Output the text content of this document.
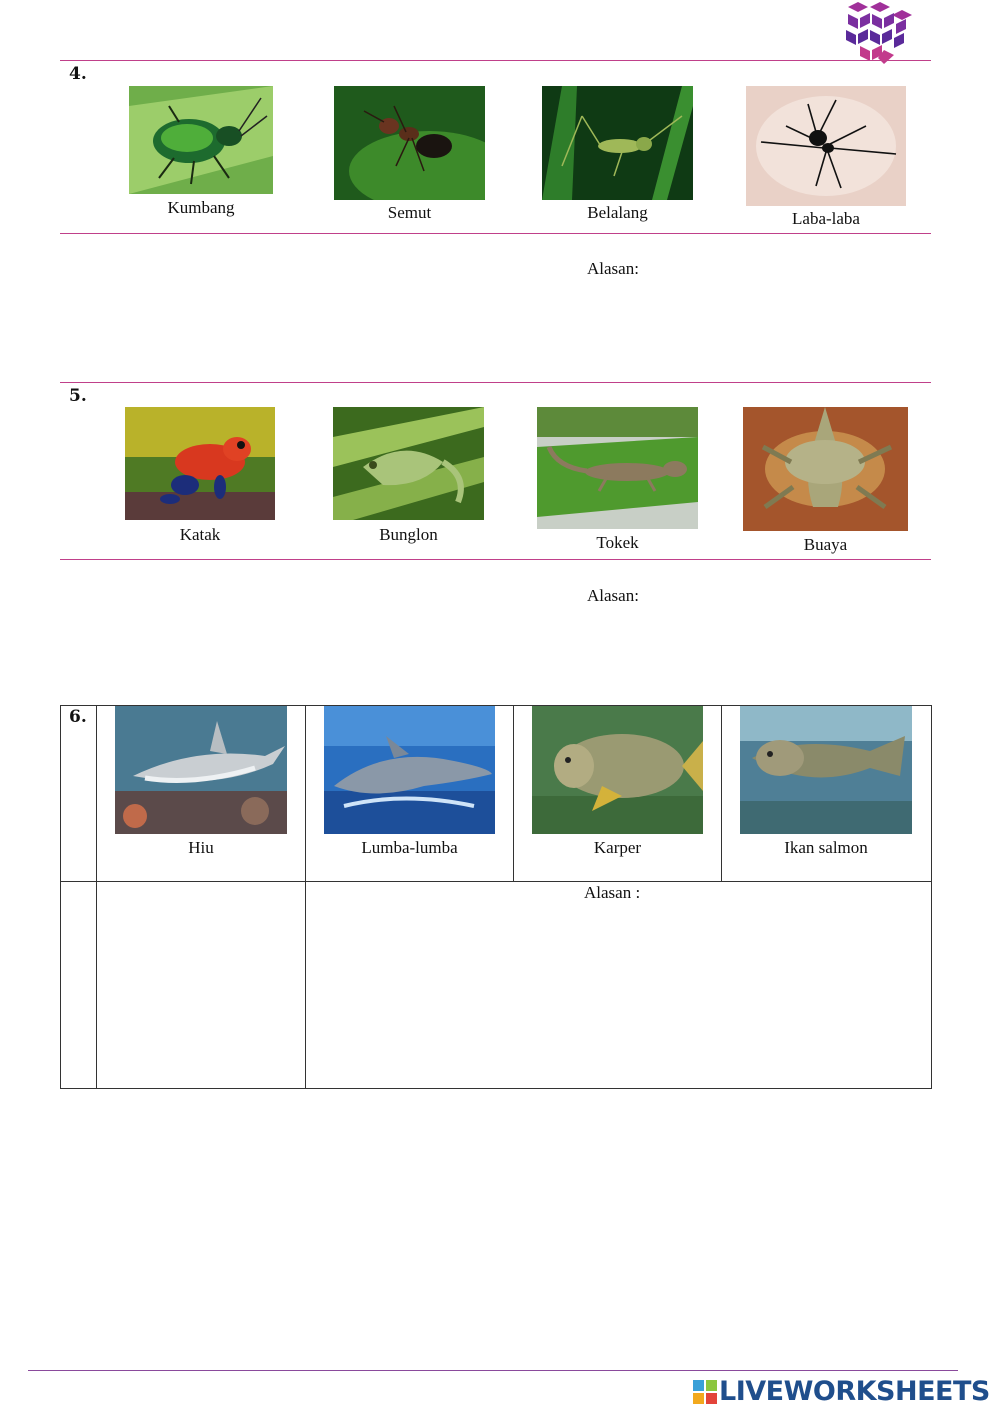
4.
Kumbang	Semut	Belalang	Laba-laba
Alasan:
5.
Katak	Bunglon	Tokek	Buaya
Alasan:
6.
Hiu	Lumba-lumba	Karper	Ikan salmon
Alasan :
LIVEWORKSHEETS
